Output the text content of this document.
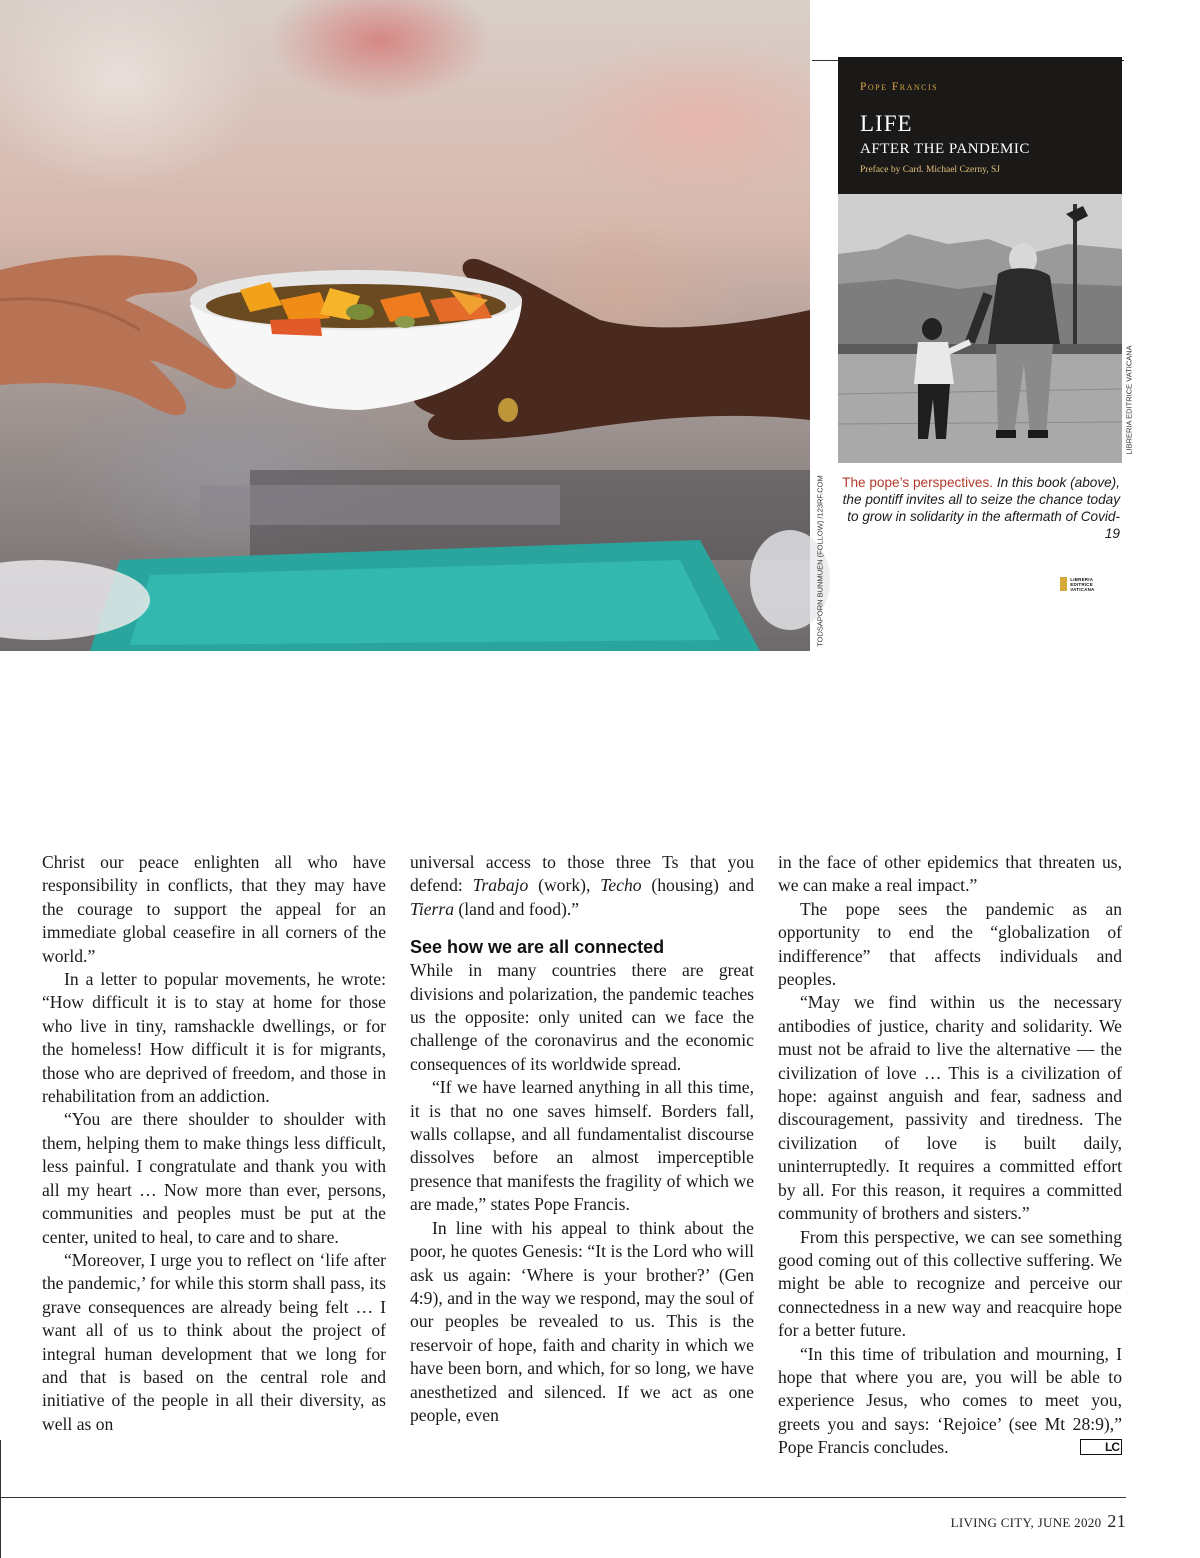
TODSAPORN BUNMUEN (FOLLOW) /123RF.COM
Pope Francis
LIFE
AFTER THE PANDEMIC
Preface by Card. Michael Czerny, SJ
LIBRERIA EDITRICE VATICANA
LIBRERIA EDITRICE VATICANA
The pope’s perspectives. In this book (above), the pontiff invites all to seize the chance today to grow in solidarity in the aftermath of Covid-19

Christ our peace enlighten all who have responsibility in conflicts, that they may have the courage to support the appeal for an immediate global ceasefire in all corners of the world.”

In a letter to popular movements, he wrote: “How difficult it is to stay at home for those who live in tiny, ramshackle dwellings, or for the homeless! How difficult it is for migrants, those who are deprived of freedom, and those in rehabilitation from an addiction.

“You are there shoulder to shoulder with them, helping them to make things less difficult, less painful. I congratulate and thank you with all my heart … Now more than ever, persons, communities and peoples must be put at the center, united to heal, to care and to share.

“Moreover, I urge you to reflect on ‘life after the pandemic,’ for while this storm shall pass, its grave consequences are already being felt … I want all of us to think about the project of integral human development that we long for and that is based on the central role and initiative of the people in all their diversity, as well as on

universal access to those three Ts that you defend: Trabajo (work), Techo (housing) and Tierra (land and food).”

See how we are all connected

While in many countries there are great divisions and polarization, the pandemic teaches us the opposite: only united can we face the challenge of the coronavirus and the economic consequences of its worldwide spread.

“If we have learned anything in all this time, it is that no one saves himself. Borders fall, walls collapse, and all fundamentalist discourse dissolves before an almost imperceptible presence that manifests the fragility of which we are made,” states Pope Francis.

In line with his appeal to think about the poor, he quotes Genesis: “It is the Lord who will ask us again: ‘Where is your brother?’ (Gen 4:9), and in the way we respond, may the soul of our peoples be revealed to us. This is the reservoir of hope, faith and charity in which we have been born, and which, for so long, we have anesthetized and silenced. If we act as one people, even

in the face of other epidemics that threaten us, we can make a real impact.”

The pope sees the pandemic as an opportunity to end the “globalization of indifference” that affects individuals and peoples.

“May we find within us the necessary antibodies of justice, charity and solidarity. We must not be afraid to live the alternative — the civilization of love … This is a civilization of hope: against anguish and fear, sadness and discouragement, passivity and tiredness. The civilization of love is built daily, uninterruptedly. It requires a committed effort by all. For this reason, it requires a committed community of brothers and sisters.”

From this perspective, we can see something good coming out of this collective suffering. We might be able to recognize and perceive our connectedness in a new way and reacquire hope for a better future.

“In this time of tribulation and mourning, I hope that where you are, you will be able to experience Jesus, who comes to meet you, greets you and says: ‘Rejoice’ (see Mt 28:9),” Pope Francis concludes.	LC

LIVING CITY, JUNE 2020 21
